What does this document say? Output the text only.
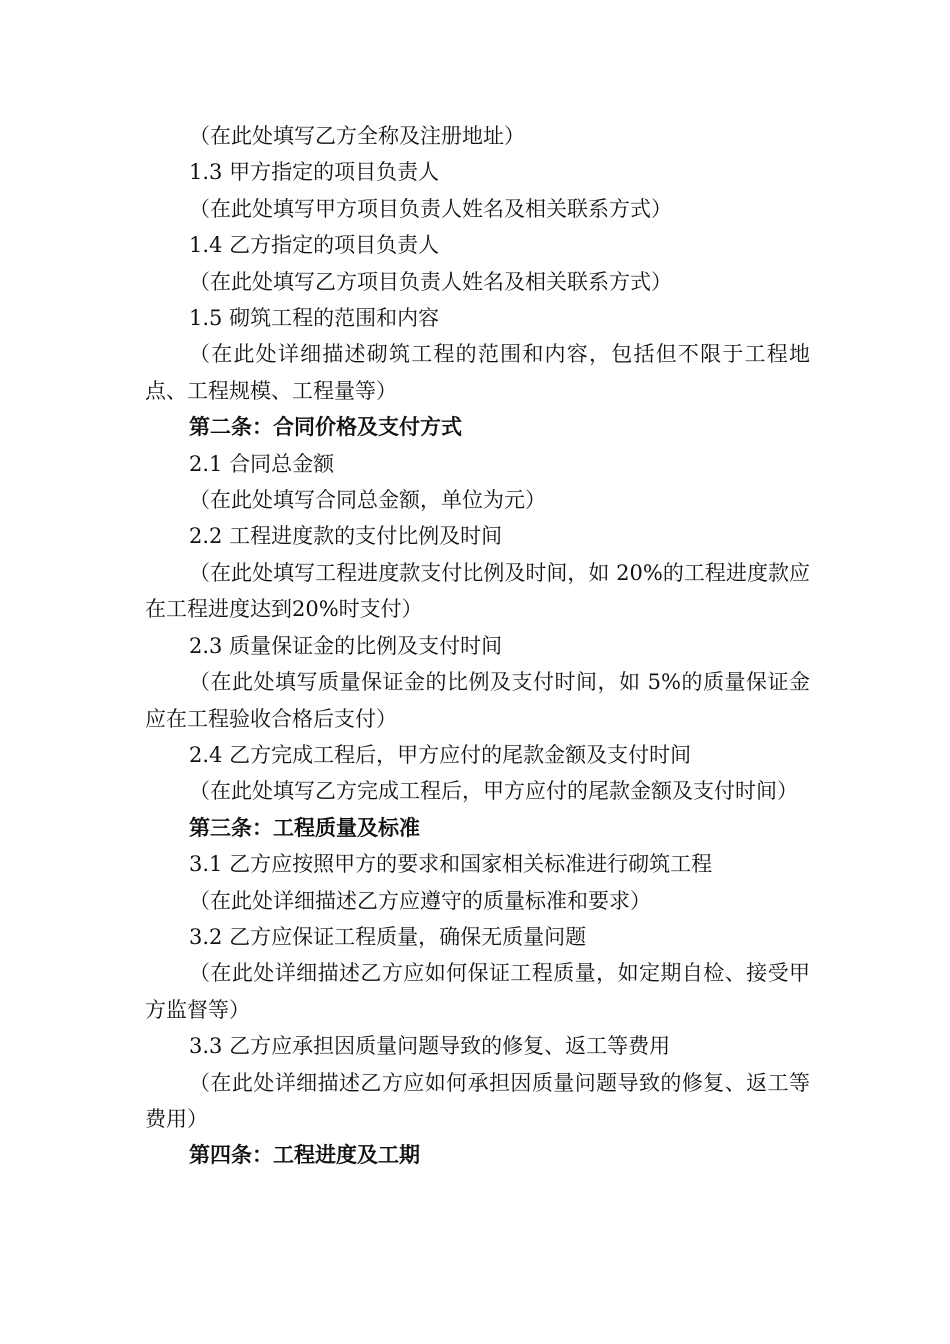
（在此处填写乙方全称及注册地址）

1.3 甲方指定的项目负责人

（在此处填写甲方项目负责人姓名及相关联系方式）

1.4 乙方指定的项目负责人

（在此处填写乙方项目负责人姓名及相关联系方式）

1.5 砌筑工程的范围和内容

（在此处详细描述砌筑工程的范围和内容，包括但不限于工程地点、工程规模、工程量等）

第二条：合同价格及支付方式

2.1 合同总金额

（在此处填写合同总金额，单位为元）

2.2 工程进度款的支付比例及时间

（在此处填写工程进度款支付比例及时间，如 20%的工程进度款应在工程进度达到20%时支付）

2.3 质量保证金的比例及支付时间

（在此处填写质量保证金的比例及支付时间，如 5%的质量保证金应在工程验收合格后支付）

2.4 乙方完成工程后，甲方应付的尾款金额及支付时间

（在此处填写乙方完成工程后，甲方应付的尾款金额及支付时间）

第三条：工程质量及标准

3.1 乙方应按照甲方的要求和国家相关标准进行砌筑工程

（在此处详细描述乙方应遵守的质量标准和要求）

3.2 乙方应保证工程质量，确保无质量问题

（在此处详细描述乙方应如何保证工程质量，如定期自检、接受甲方监督等）

3.3 乙方应承担因质量问题导致的修复、返工等费用

（在此处详细描述乙方应如何承担因质量问题导致的修复、返工等费用）

第四条：工程进度及工期
